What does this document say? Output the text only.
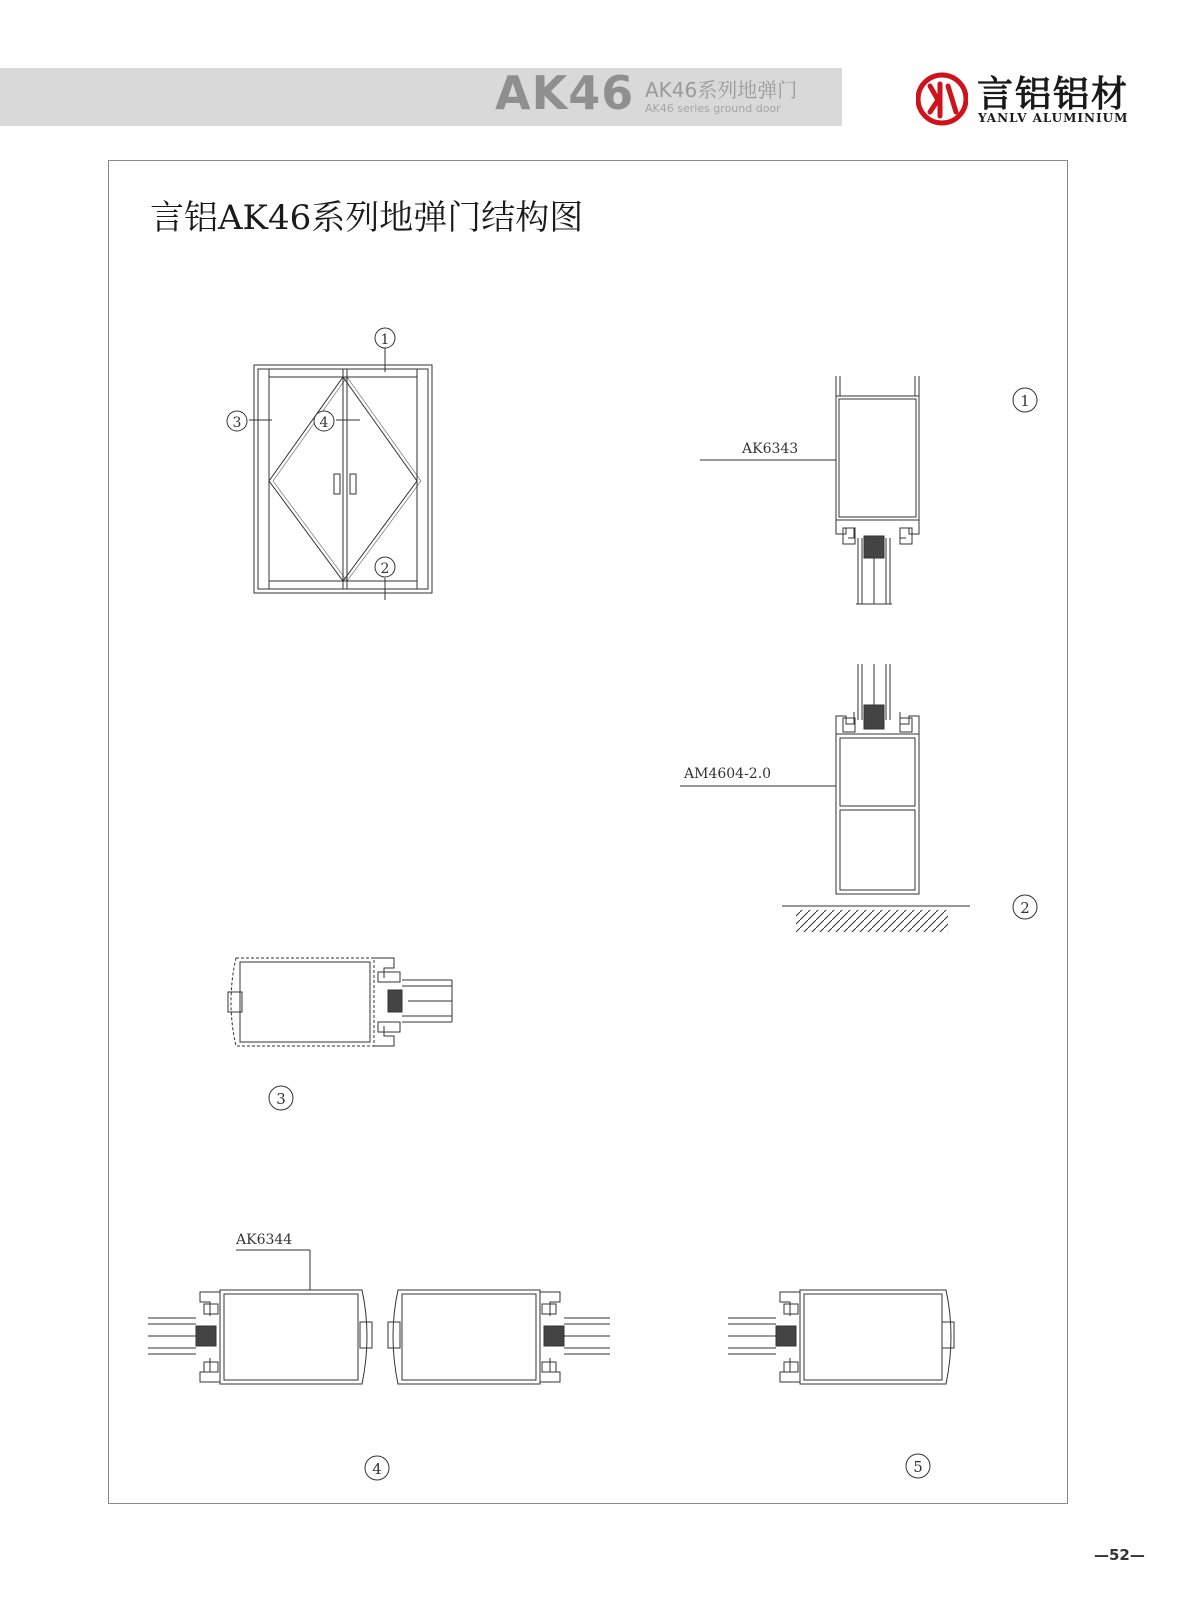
AK46 AK46系列地弹门
AK46 series ground door	言铝铝材
YANLV ALUMINIUM
言铝AK46系列地弹门结构图
1
3	4
2
AK6343
1
AM4604-2.0
2
3
AK6344
4	5
—52—
